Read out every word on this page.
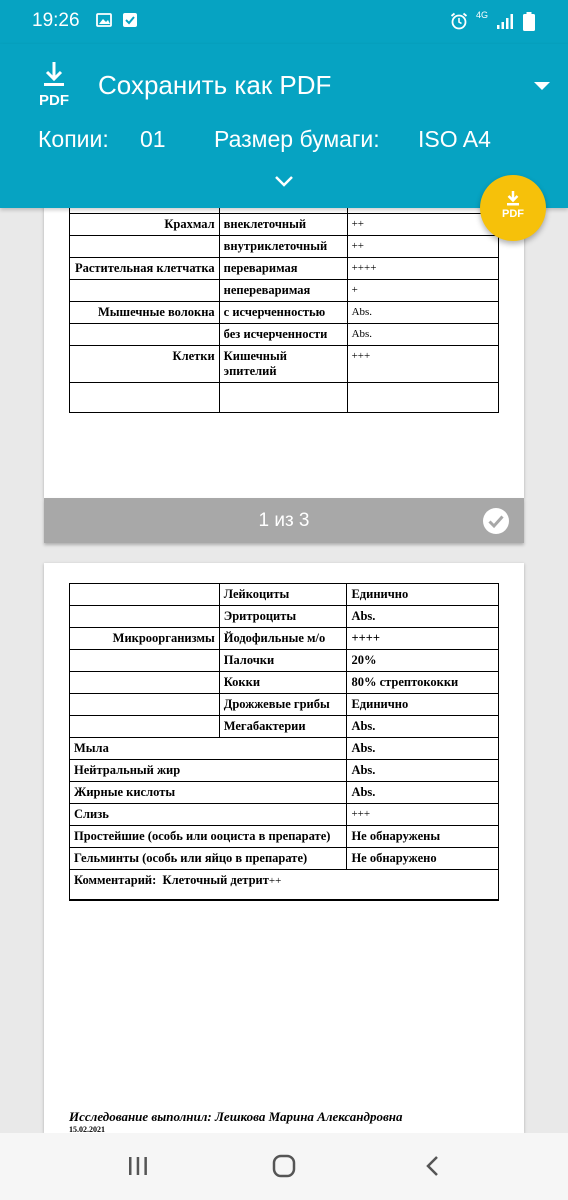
19:26	4G
PDF
Сохранить как PDF
Копии: 01 Размер бумаги: ISO A4
PDF

Крахмал	внеклеточный	++
	внутриклеточный	++
Растительная клетчатка	переваримая	++++
	непереваримая	+
Мышечные волокна	с исчерченностью	Abs.
	без исчерченности	Abs.
Клетки	Кишечный эпителий	+++

1 из 3
	Лейкоциты	Единично
	Эритроциты	Abs.
Микроорганизмы	Йодофильные м/о	++++
	Палочки	20%
	Кокки	80% стрептококки
	Дрожжевые грибы	Единично
	Мегабактерии	Abs.
Мыла		Abs.
Нейтральный жир		Abs.
Жирные кислоты		Abs.
Слизь		+++
Простейшие (особь или ооциста в препарате)		Не обнаружены
Гельминты (особь или яйцо в препарате)		Не обнаружено
Комментарий: Клеточный детрит++		
Исследование выполнил: Лешкова Марина Александровна
15.02.2021
